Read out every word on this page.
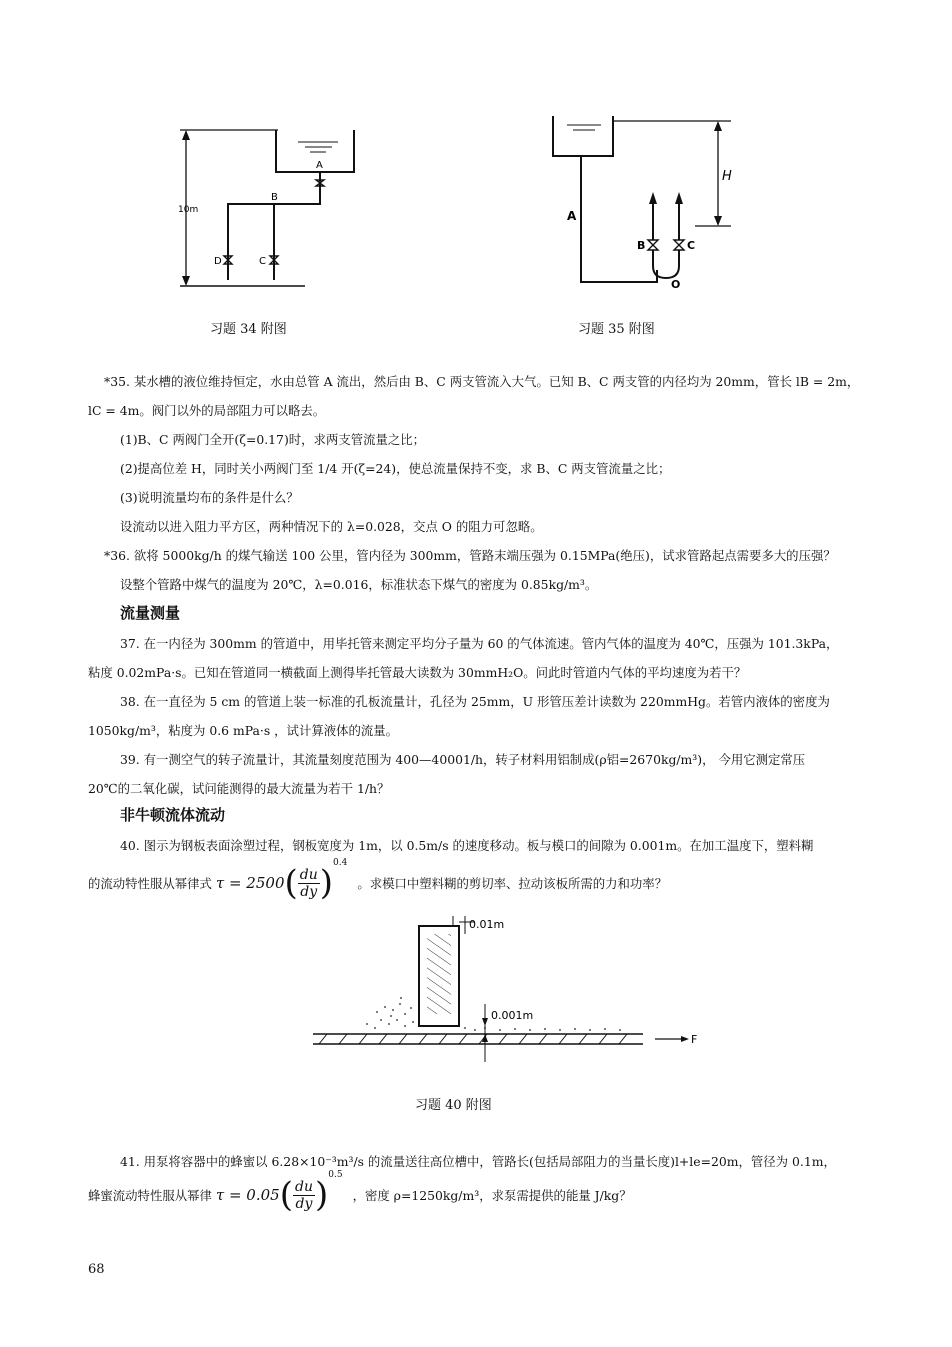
A
B
10m
D	C
习题 34 附图
H
A
B	C
O
习题 35 附图
*35. 某水槽的液位维持恒定，水由总管 A 流出，然后由 B、C 两支管流入大气。已知 B、C 两支管的内径均为 20mm，管长 lB = 2m，
lC = 4m。阀门以外的局部阻力可以略去。
(1)B、C 两阀门全开(ζ=0.17)时，求两支管流量之比；
(2)提高位差 H，同时关小两阀门至 1/4 开(ζ=24)，使总流量保持不变，求 B、C 两支管流量之比；
(3)说明流量均布的条件是什么？
设流动以进入阻力平方区，两种情况下的 λ=0.028，交点 O 的阻力可忽略。
*36. 欲将 5000kg/h 的煤气输送 100 公里，管内径为 300mm，管路末端压强为 0.15MPa(绝压)，试求管路起点需要多大的压强？
设整个管路中煤气的温度为 20℃，λ=0.016，标准状态下煤气的密度为 0.85kg/m³。
流量测量
37. 在一内径为 300mm 的管道中，用毕托管来测定平均分子量为 60 的气体流速。管内气体的温度为 40℃，压强为 101.3kPa，
粘度 0.02mPa·s。已知在管道同一横截面上测得毕托管最大读数为 30mmH₂O。问此时管道内气体的平均速度为若干？
38. 在一直径为 5 cm 的管道上装一标准的孔板流量计，孔径为 25mm，U 形管压差计读数为 220mmHg。若管内液体的密度为
1050kg/m³，粘度为 0.6 mPa·s ，试计算液体的流量。
39. 有一测空气的转子流量计，其流量刻度范围为 400—40001/h，转子材料用铝制成(ρ铝=2670kg/m³)， 今用它测定常压
20℃的二氧化碳，试问能测得的最大流量为若干 1/h？
非牛顿流体流动
40. 图示为钢板表面涂塑过程，钢板宽度为 1m，以 0.5m/s 的速度移动。板与模口的间隙为 0.001m。在加工温度下，塑料糊
的流动特性服从幂律式 τ = 2500 ( du
dy ) 0.4
。求模口中塑料糊的剪切率、拉动该板所需的力和功率？
0.01m
0.001m
F
习题 40 附图
41. 用泵将容器中的蜂蜜以 6.28×10⁻³m³/s 的流量送往高位槽中，管路长(包括局部阻力的当量长度)l+le=20m，管径为 0.1m，
蜂蜜流动特性服从幂律 τ = 0.05 ( du
dy ) 0.5
，密度 ρ=1250kg/m³，求泵需提供的能量 J/kg？
68
